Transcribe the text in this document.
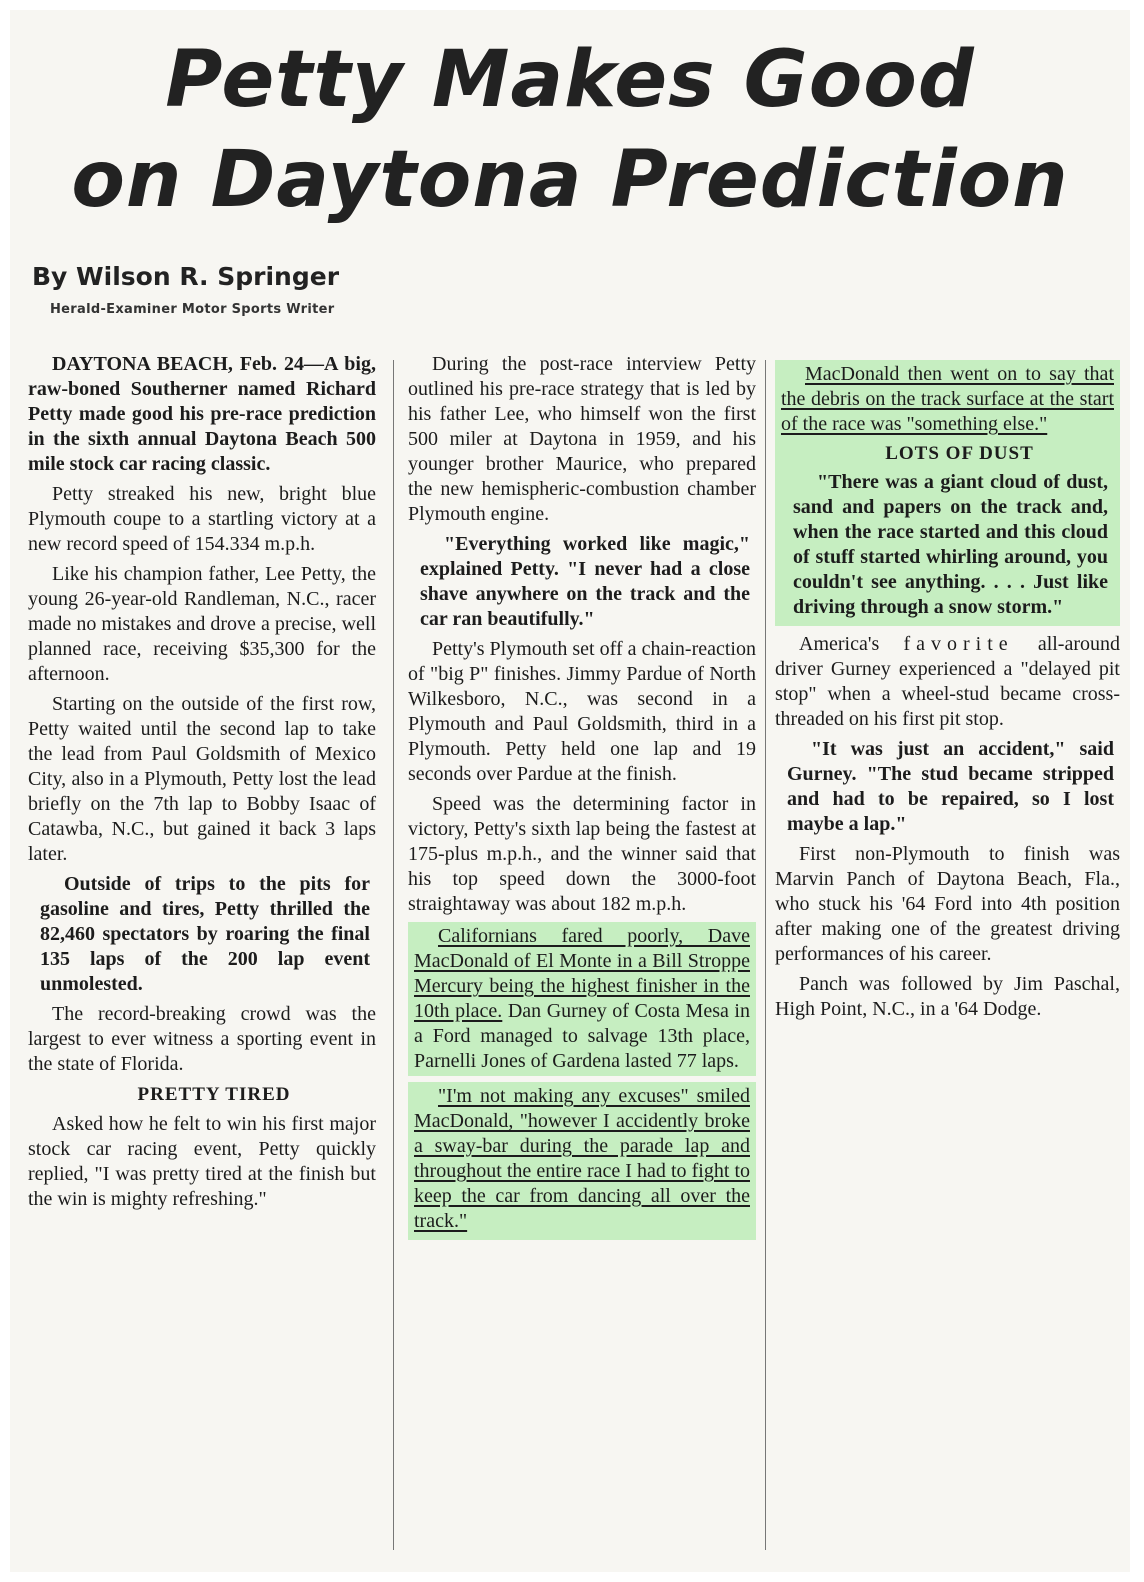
Petty Makes Good
on Daytona Prediction

By Wilson R. Springer

Herald-Examiner Motor Sports Writer

DAYTONA BEACH, Feb. 24—A big, raw-boned Southerner named Richard Petty made good his pre-race prediction in the sixth annual Daytona Beach 500 mile stock car racing classic.

Petty streaked his new, bright blue Plymouth coupe to a startling victory at a new record speed of 154.334 m.p.h.

Like his champion father, Lee Petty, the young 26-year-old Randleman, N.C., racer made no mistakes and drove a precise, well planned race, receiving $35,300 for the afternoon.

Starting on the outside of the first row, Petty waited until the second lap to take the lead from Paul Goldsmith of Mexico City, also in a Plymouth, Petty lost the lead briefly on the 7th lap to Bobby Isaac of Catawba, N.C., but gained it back 3 laps later.

Outside of trips to the pits for gasoline and tires, Petty thrilled the 82,460 spectators by roaring the final 135 laps of the 200 lap event unmolested.

The record-breaking crowd was the largest to ever witness a sporting event in the state of Florida.

PRETTY TIRED

Asked how he felt to win his first major stock car racing event, Petty quickly replied, "I was pretty tired at the finish but the win is mighty refreshing."

During the post-race interview Petty outlined his pre-race strategy that is led by his father Lee, who himself won the first 500 miler at Daytona in 1959, and his younger brother Maurice, who prepared the new hemispheric-combustion chamber Plymouth engine.

"Everything worked like magic," explained Petty. "I never had a close shave anywhere on the track and the car ran beautifully."

Petty's Plymouth set off a chain-reaction of "big P" finishes. Jimmy Pardue of North Wilkesboro, N.C., was second in a Plymouth and Paul Goldsmith, third in a Plymouth. Petty held one lap and 19 seconds over Pardue at the finish.

Speed was the determining factor in victory, Petty's sixth lap being the fastest at 175-plus m.p.h., and the winner said that his top speed down the 3000-foot straightaway was about 182 m.p.h.

Californians fared poorly, Dave MacDonald of El Monte in a Bill Stroppe Mercury being the highest finisher in the 10th place. Dan Gurney of Costa Mesa in a Ford managed to salvage 13th place, Parnelli Jones of Gardena lasted 77 laps.

"I'm not making any excuses" smiled MacDonald, "however I accidently broke a sway-bar during the parade lap and throughout the entire race I had to fight to keep the car from dancing all over the track."

MacDonald then went on to say that the debris on the track surface at the start of the race was "something else."

LOTS OF DUST

"There was a giant cloud of dust, sand and papers on the track and, when the race started and this cloud of stuff started whirling around, you couldn't see anything. . . . Just like driving through a snow storm."

America's favorite all-around driver Gurney experienced a "delayed pit stop" when a wheel-stud became cross-threaded on his first pit stop.

"It was just an accident," said Gurney. "The stud became stripped and had to be repaired, so I lost maybe a lap."

First non-Plymouth to finish was Marvin Panch of Daytona Beach, Fla., who stuck his '64 Ford into 4th position after making one of the greatest driving performances of his career.

Panch was followed by Jim Paschal, High Point, N.C., in a '64 Dodge.
